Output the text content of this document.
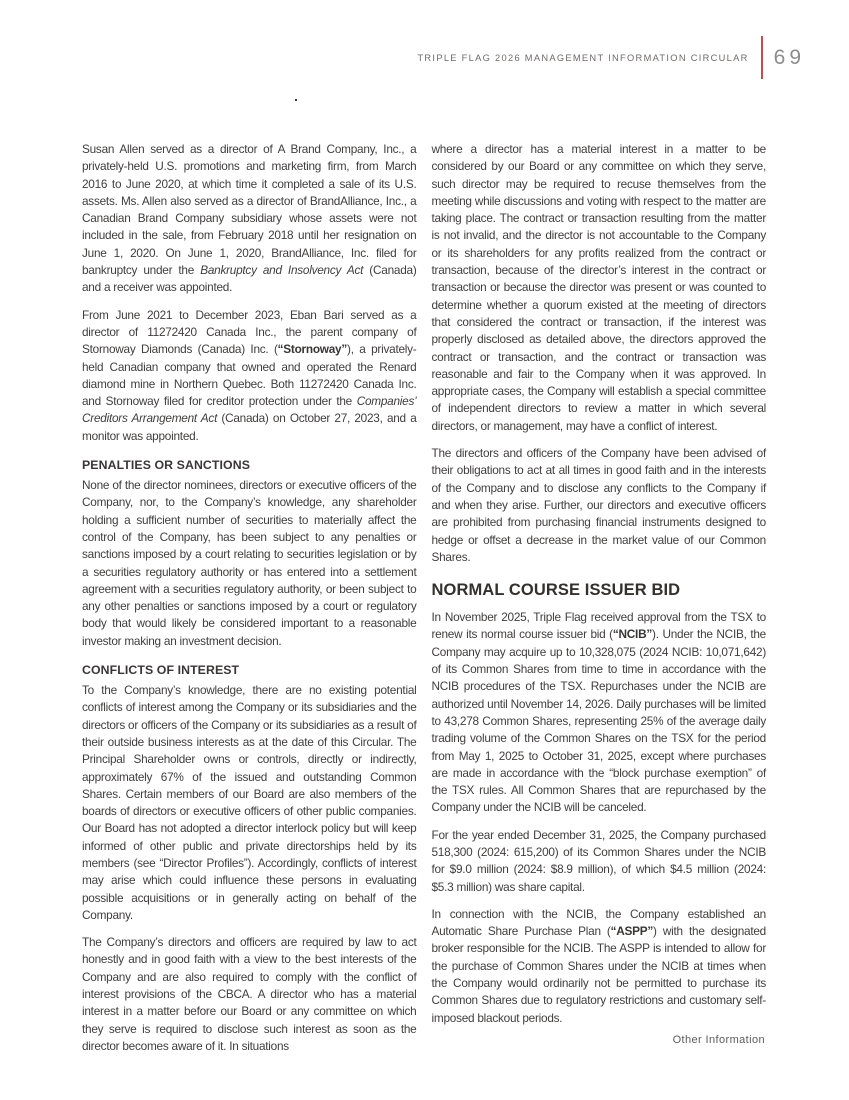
TRIPLE FLAG 2026 MANAGEMENT INFORMATION CIRCULAR 69

Susan Allen served as a director of A Brand Company, Inc., a privately-held U.S. promotions and marketing firm, from March 2016 to June 2020, at which time it completed a sale of its U.S. assets. Ms. Allen also served as a director of BrandAlliance, Inc., a Canadian Brand Company subsidiary whose assets were not included in the sale, from February 2018 until her resignation on June 1, 2020. On June 1, 2020, BrandAlliance, Inc. filed for bankruptcy under the Bankruptcy and Insolvency Act (Canada) and a receiver was appointed.

From June 2021 to December 2023, Eban Bari served as a director of 11272420 Canada Inc., the parent company of Stornoway Diamonds (Canada) Inc. (“Stornoway”), a privately-held Canadian company that owned and operated the Renard diamond mine in Northern Quebec. Both 11272420 Canada Inc. and Stornoway filed for creditor protection under the Companies’ Creditors Arrangement Act (Canada) on October 27, 2023, and a monitor was appointed.

PENALTIES OR SANCTIONS

None of the director nominees, directors or executive officers of the Company, nor, to the Company’s knowledge, any shareholder holding a sufficient number of securities to materially affect the control of the Company, has been subject to any penalties or sanctions imposed by a court relating to securities legislation or by a securities regulatory authority or has entered into a settlement agreement with a securities regulatory authority, or been subject to any other penalties or sanctions imposed by a court or regulatory body that would likely be considered important to a reasonable investor making an investment decision.

CONFLICTS OF INTEREST

To the Company’s knowledge, there are no existing potential conflicts of interest among the Company or its subsidiaries and the directors or officers of the Company or its subsidiaries as a result of their outside business interests as at the date of this Circular. The Principal Shareholder owns or controls, directly or indirectly, approximately 67% of the issued and outstanding Common Shares. Certain members of our Board are also members of the boards of directors or executive officers of other public companies. Our Board has not adopted a director interlock policy but will keep informed of other public and private directorships held by its members (see “Director Profiles”). Accordingly, conflicts of interest may arise which could influence these persons in evaluating possible acquisitions or in generally acting on behalf of the Company.

The Company’s directors and officers are required by law to act honestly and in good faith with a view to the best interests of the Company and are also required to comply with the conflict of interest provisions of the CBCA. A director who has a material interest in a matter before our Board or any committee on which they serve is required to disclose such interest as soon as the director becomes aware of it. In situations

where a director has a material interest in a matter to be considered by our Board or any committee on which they serve, such director may be required to recuse themselves from the meeting while discussions and voting with respect to the matter are taking place. The contract or transaction resulting from the matter is not invalid, and the director is not accountable to the Company or its shareholders for any profits realized from the contract or transaction, because of the director’s interest in the contract or transaction or because the director was present or was counted to determine whether a quorum existed at the meeting of directors that considered the contract or transaction, if the interest was properly disclosed as detailed above, the directors approved the contract or transaction, and the contract or transaction was reasonable and fair to the Company when it was approved. In appropriate cases, the Company will establish a special committee of independent directors to review a matter in which several directors, or management, may have a conflict of interest.

The directors and officers of the Company have been advised of their obligations to act at all times in good faith and in the interests of the Company and to disclose any conflicts to the Company if and when they arise. Further, our directors and executive officers are prohibited from purchasing financial instruments designed to hedge or offset a decrease in the market value of our Common Shares.

NORMAL COURSE ISSUER BID

In November 2025, Triple Flag received approval from the TSX to renew its normal course issuer bid (“NCIB”). Under the NCIB, the Company may acquire up to 10,328,075 (2024 NCIB: 10,071,642) of its Common Shares from time to time in accordance with the NCIB procedures of the TSX. Repurchases under the NCIB are authorized until November 14, 2026. Daily purchases will be limited to 43,278 Common Shares, representing 25% of the average daily trading volume of the Common Shares on the TSX for the period from May 1, 2025 to October 31, 2025, except where purchases are made in accordance with the “block purchase exemption” of the TSX rules. All Common Shares that are repurchased by the Company under the NCIB will be canceled.

For the year ended December 31, 2025, the Company purchased 518,300 (2024: 615,200) of its Common Shares under the NCIB for $9.0 million (2024: $8.9 million), of which $4.5 million (2024: $5.3 million) was share capital.

In connection with the NCIB, the Company established an Automatic Share Purchase Plan (“ASPP”) with the designated broker responsible for the NCIB. The ASPP is intended to allow for the purchase of Common Shares under the NCIB at times when the Company would ordinarily not be permitted to purchase its Common Shares due to regulatory restrictions and customary self-imposed blackout periods.

Other Information
